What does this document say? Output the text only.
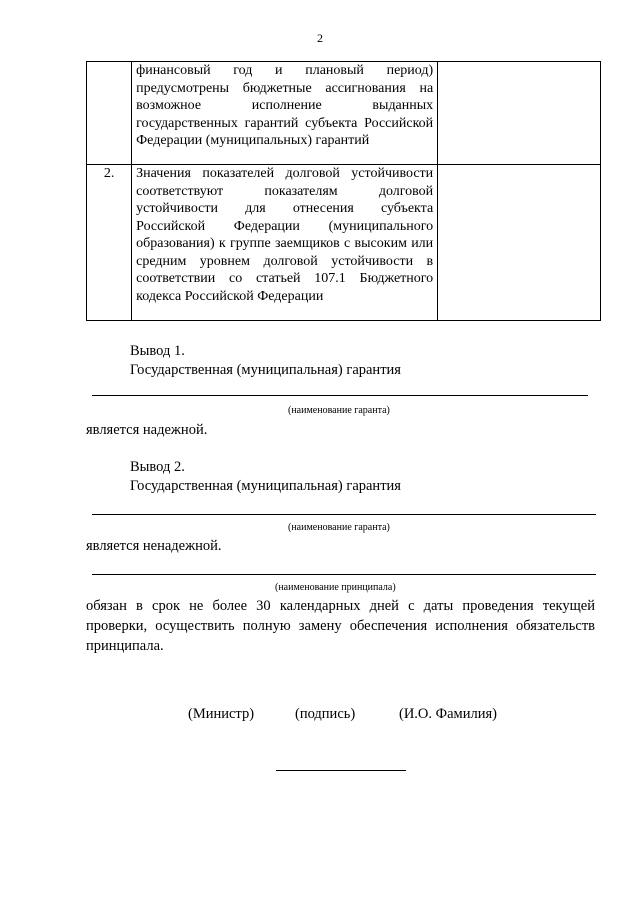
2
	финансовый год и плановый период) предусмотрены бюджетные ассигнования на возможное исполнение выданных государственных гарантий субъекта Российской Федерации (муниципальных) гарантий	
2.	Значения показателей долговой устойчивости соответствуют показателям долговой устойчивости для отнесения субъекта Российской Федерации (муниципального образования) к группе заемщиков с высоким или средним уровнем долговой устойчивости в соответствии со статьей 107.1 Бюджетного кодекса Российской Федерации	
Вывод 1.
Государственная (муниципальная) гарантия
(наименование гаранта)
является надежной.
Вывод 2.
Государственная (муниципальная) гарантия
(наименование гаранта)
является ненадежной.
(наименование принципала)
обязан в срок не более 30 календарных дней с даты проведения текущей проверки, осуществить полную замену обеспечения исполнения обязательств принципала.
(Министр)	(подпись)	(И.О. Фамилия)
